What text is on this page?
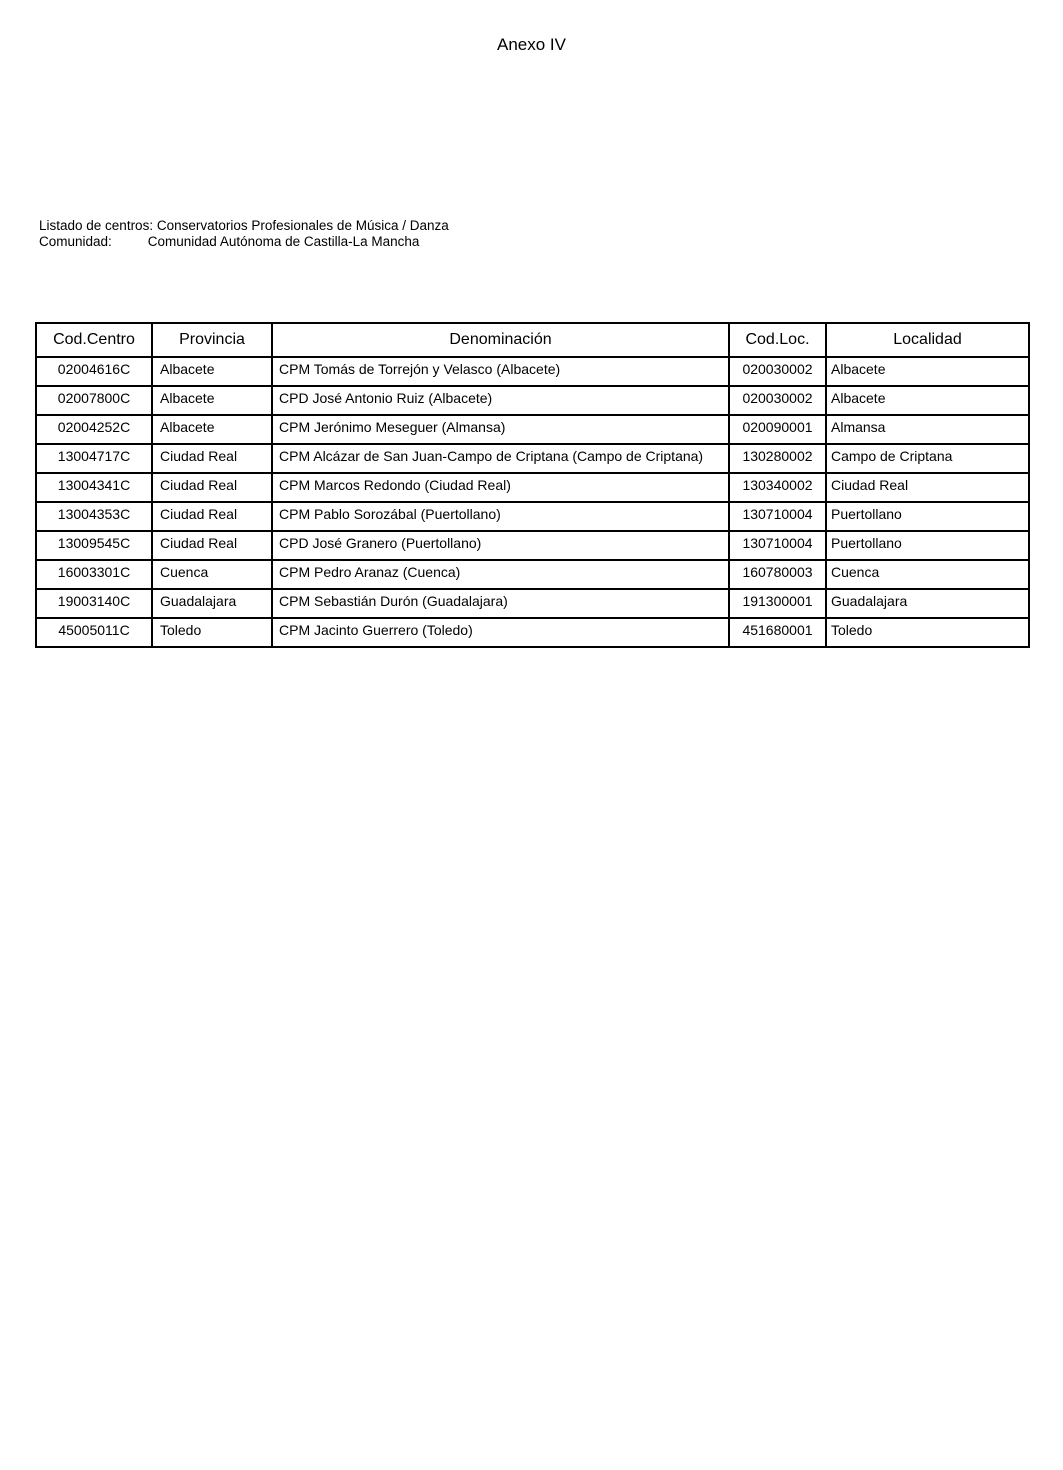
Anexo IV
Listado de centros: Conservatorios Profesionales de Música / Danza
Comunidad:	Comunidad Autónoma de Castilla-La Mancha
Cod.Centro	Provincia	Denominación	Cod.Loc.	Localidad
02004616C	Albacete	CPM Tomás de Torrejón y Velasco (Albacete)	020030002	Albacete
02007800C	Albacete	CPD José Antonio Ruiz (Albacete)	020030002	Albacete
02004252C	Albacete	CPM Jerónimo Meseguer (Almansa)	020090001	Almansa
13004717C	Ciudad Real	CPM Alcázar de San Juan-Campo de Criptana (Campo de Criptana)	130280002	Campo de Criptana
13004341C	Ciudad Real	CPM Marcos Redondo (Ciudad Real)	130340002	Ciudad Real
13004353C	Ciudad Real	CPM Pablo Sorozábal (Puertollano)	130710004	Puertollano
13009545C	Ciudad Real	CPD José Granero (Puertollano)	130710004	Puertollano
16003301C	Cuenca	CPM Pedro Aranaz (Cuenca)	160780003	Cuenca
19003140C	Guadalajara	CPM Sebastián Durón (Guadalajara)	191300001	Guadalajara
45005011C	Toledo	CPM Jacinto Guerrero (Toledo)	451680001	Toledo
